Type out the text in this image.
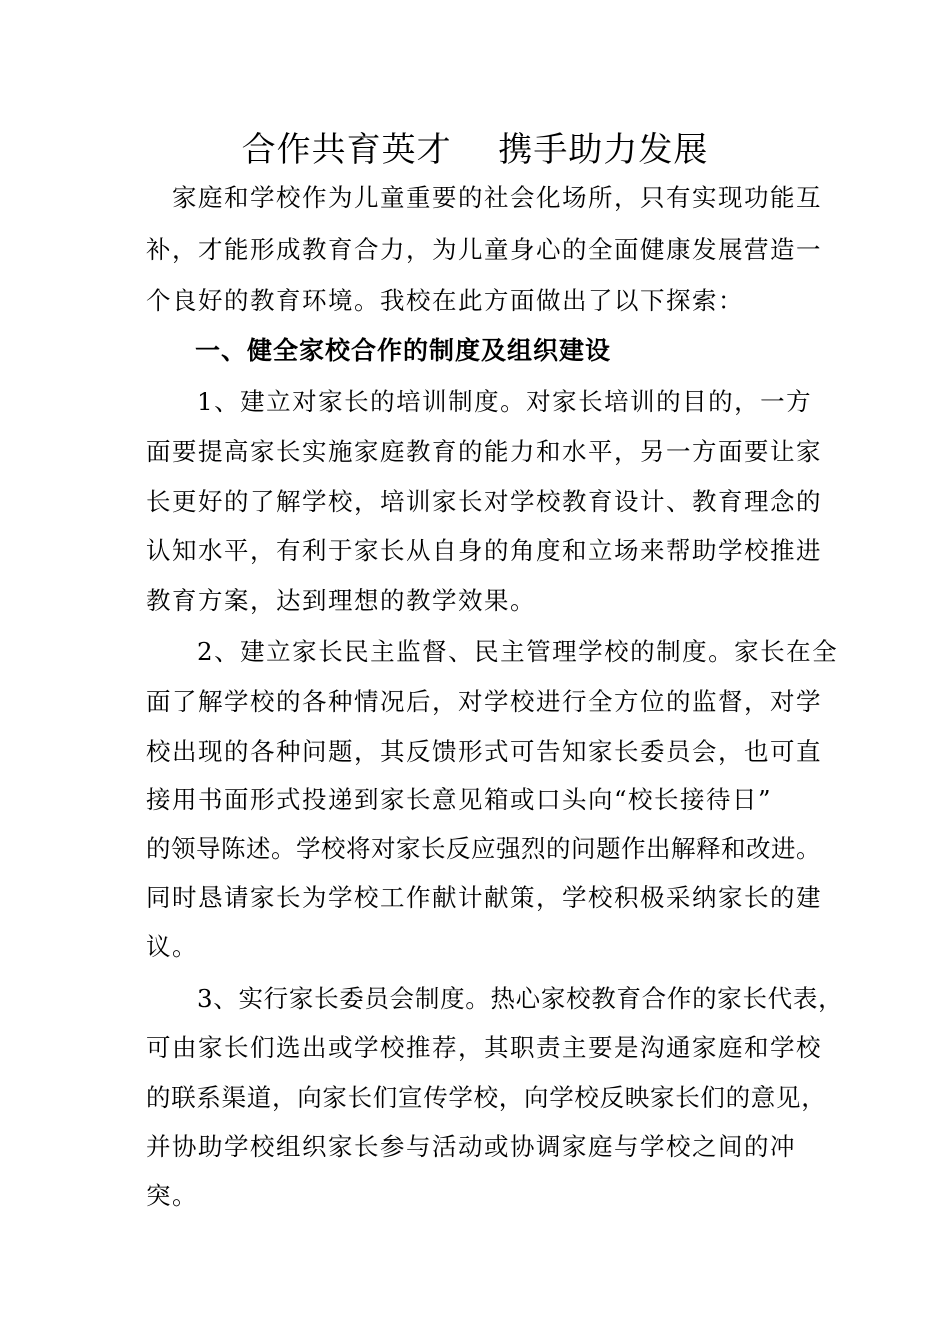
合作共育英才　 携手助力发展
家庭和学校作为儿童重要的社会化场所，只有实现功能互
补，才能形成教育合力，为儿童身心的全面健康发展营造一
个良好的教育环境。我校在此方面做出了以下探索：
一、健全家校合作的制度及组织建设
1、建立对家长的培训制度。对家长培训的目的，一方
面要提高家长实施家庭教育的能力和水平，另一方面要让家
长更好的了解学校，培训家长对学校教育设计、教育理念的
认知水平，有利于家长从自身的角度和立场来帮助学校推进
教育方案，达到理想的教学效果。
2、建立家长民主监督、民主管理学校的制度。家长在全
面了解学校的各种情况后，对学校进行全方位的监督，对学
校出现的各种问题，其反馈形式可告知家长委员会，也可直
接用书面形式投递到家长意见箱或口头向“校长接待日”
的领导陈述。学校将对家长反应强烈的问题作出解释和改进。
同时恳请家长为学校工作献计献策，学校积极采纳家长的建
议。
3、实行家长委员会制度。热心家校教育合作的家长代表，
可由家长们选出或学校推荐，其职责主要是沟通家庭和学校
的联系渠道，向家长们宣传学校，向学校反映家长们的意见，
并协助学校组织家长参与活动或协调家庭与学校之间的冲
突。
